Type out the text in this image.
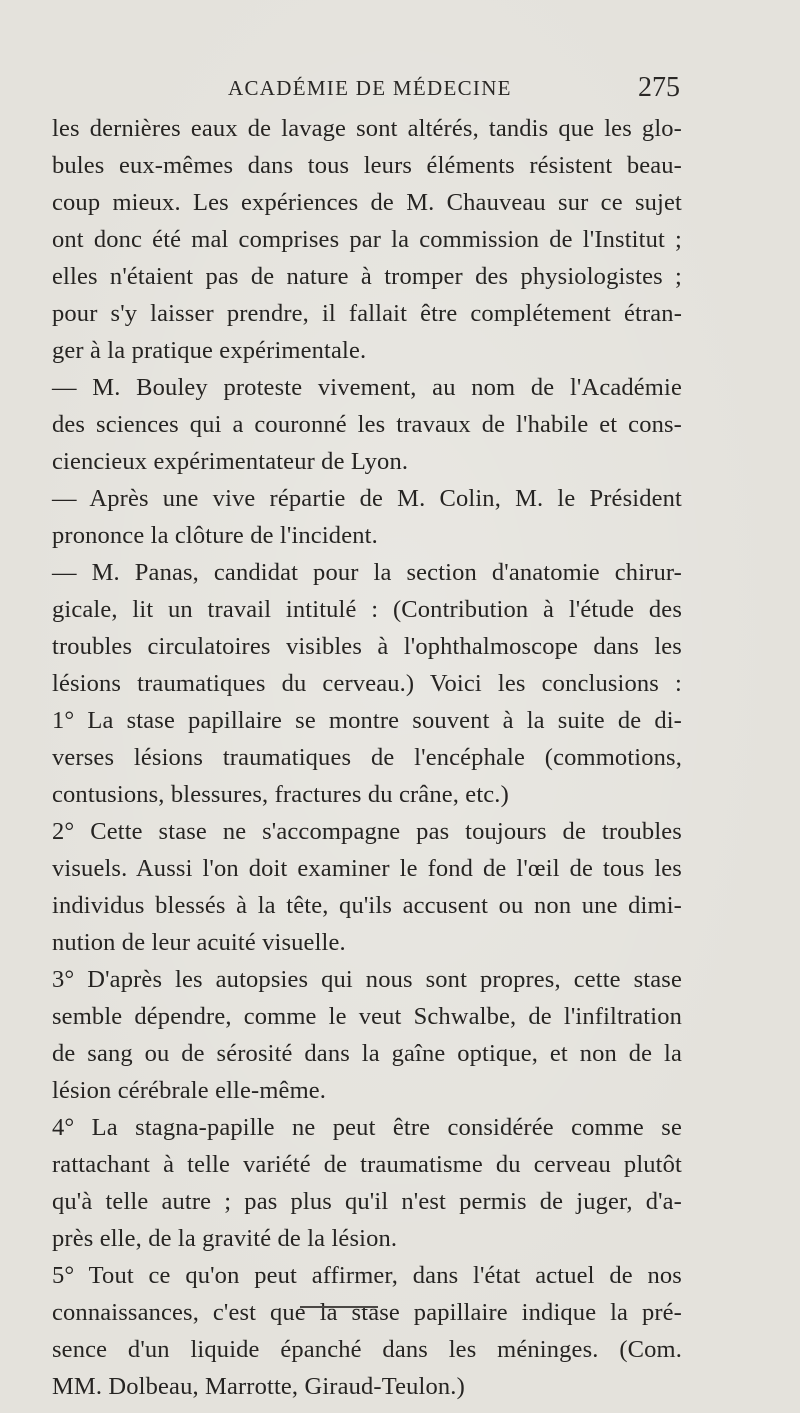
ACADÉMIE DE MÉDECINE	275
les dernières eaux de lavage sont altérés, tandis que les glo-
bules eux-mêmes dans tous leurs éléments résistent beau-
coup mieux. Les expériences de M. Chauveau sur ce sujet
ont donc été mal comprises par la commission de l'Institut ;
elles n'étaient pas de nature à tromper des physiologistes ;
pour s'y laisser prendre, il fallait être complétement étran-
ger à la pratique expérimentale.
— M. Bouley proteste vivement, au nom de l'Académie
des sciences qui a couronné les travaux de l'habile et cons-
ciencieux expérimentateur de Lyon.
— Après une vive répartie de M. Colin, M. le Président
prononce la clôture de l'incident.
— M. Panas, candidat pour la section d'anatomie chirur-
gicale, lit un travail intitulé : (Contribution à l'étude des
troubles circulatoires visibles à l'ophthalmoscope dans les
lésions traumatiques du cerveau.) Voici les conclusions :
1° La stase papillaire se montre souvent à la suite de di-
verses lésions traumatiques de l'encéphale (commotions,
contusions, blessures, fractures du crâne, etc.)
2° Cette stase ne s'accompagne pas toujours de troubles
visuels. Aussi l'on doit examiner le fond de l'œil de tous les
individus blessés à la tête, qu'ils accusent ou non une dimi-
nution de leur acuité visuelle.
3° D'après les autopsies qui nous sont propres, cette stase
semble dépendre, comme le veut Schwalbe, de l'infiltration
de sang ou de sérosité dans la gaîne optique, et non de la
lésion cérébrale elle-même.
4° La stagna-papille ne peut être considérée comme se
rattachant à telle variété de traumatisme du cerveau plutôt
qu'à telle autre ; pas plus qu'il n'est permis de juger, d'a-
près elle, de la gravité de la lésion.
5° Tout ce qu'on peut affirmer, dans l'état actuel de nos
connaissances, c'est que la stase papillaire indique la pré-
sence d'un liquide épanché dans les méninges. (Com.
MM. Dolbeau, Marrotte, Giraud-Teulon.)
